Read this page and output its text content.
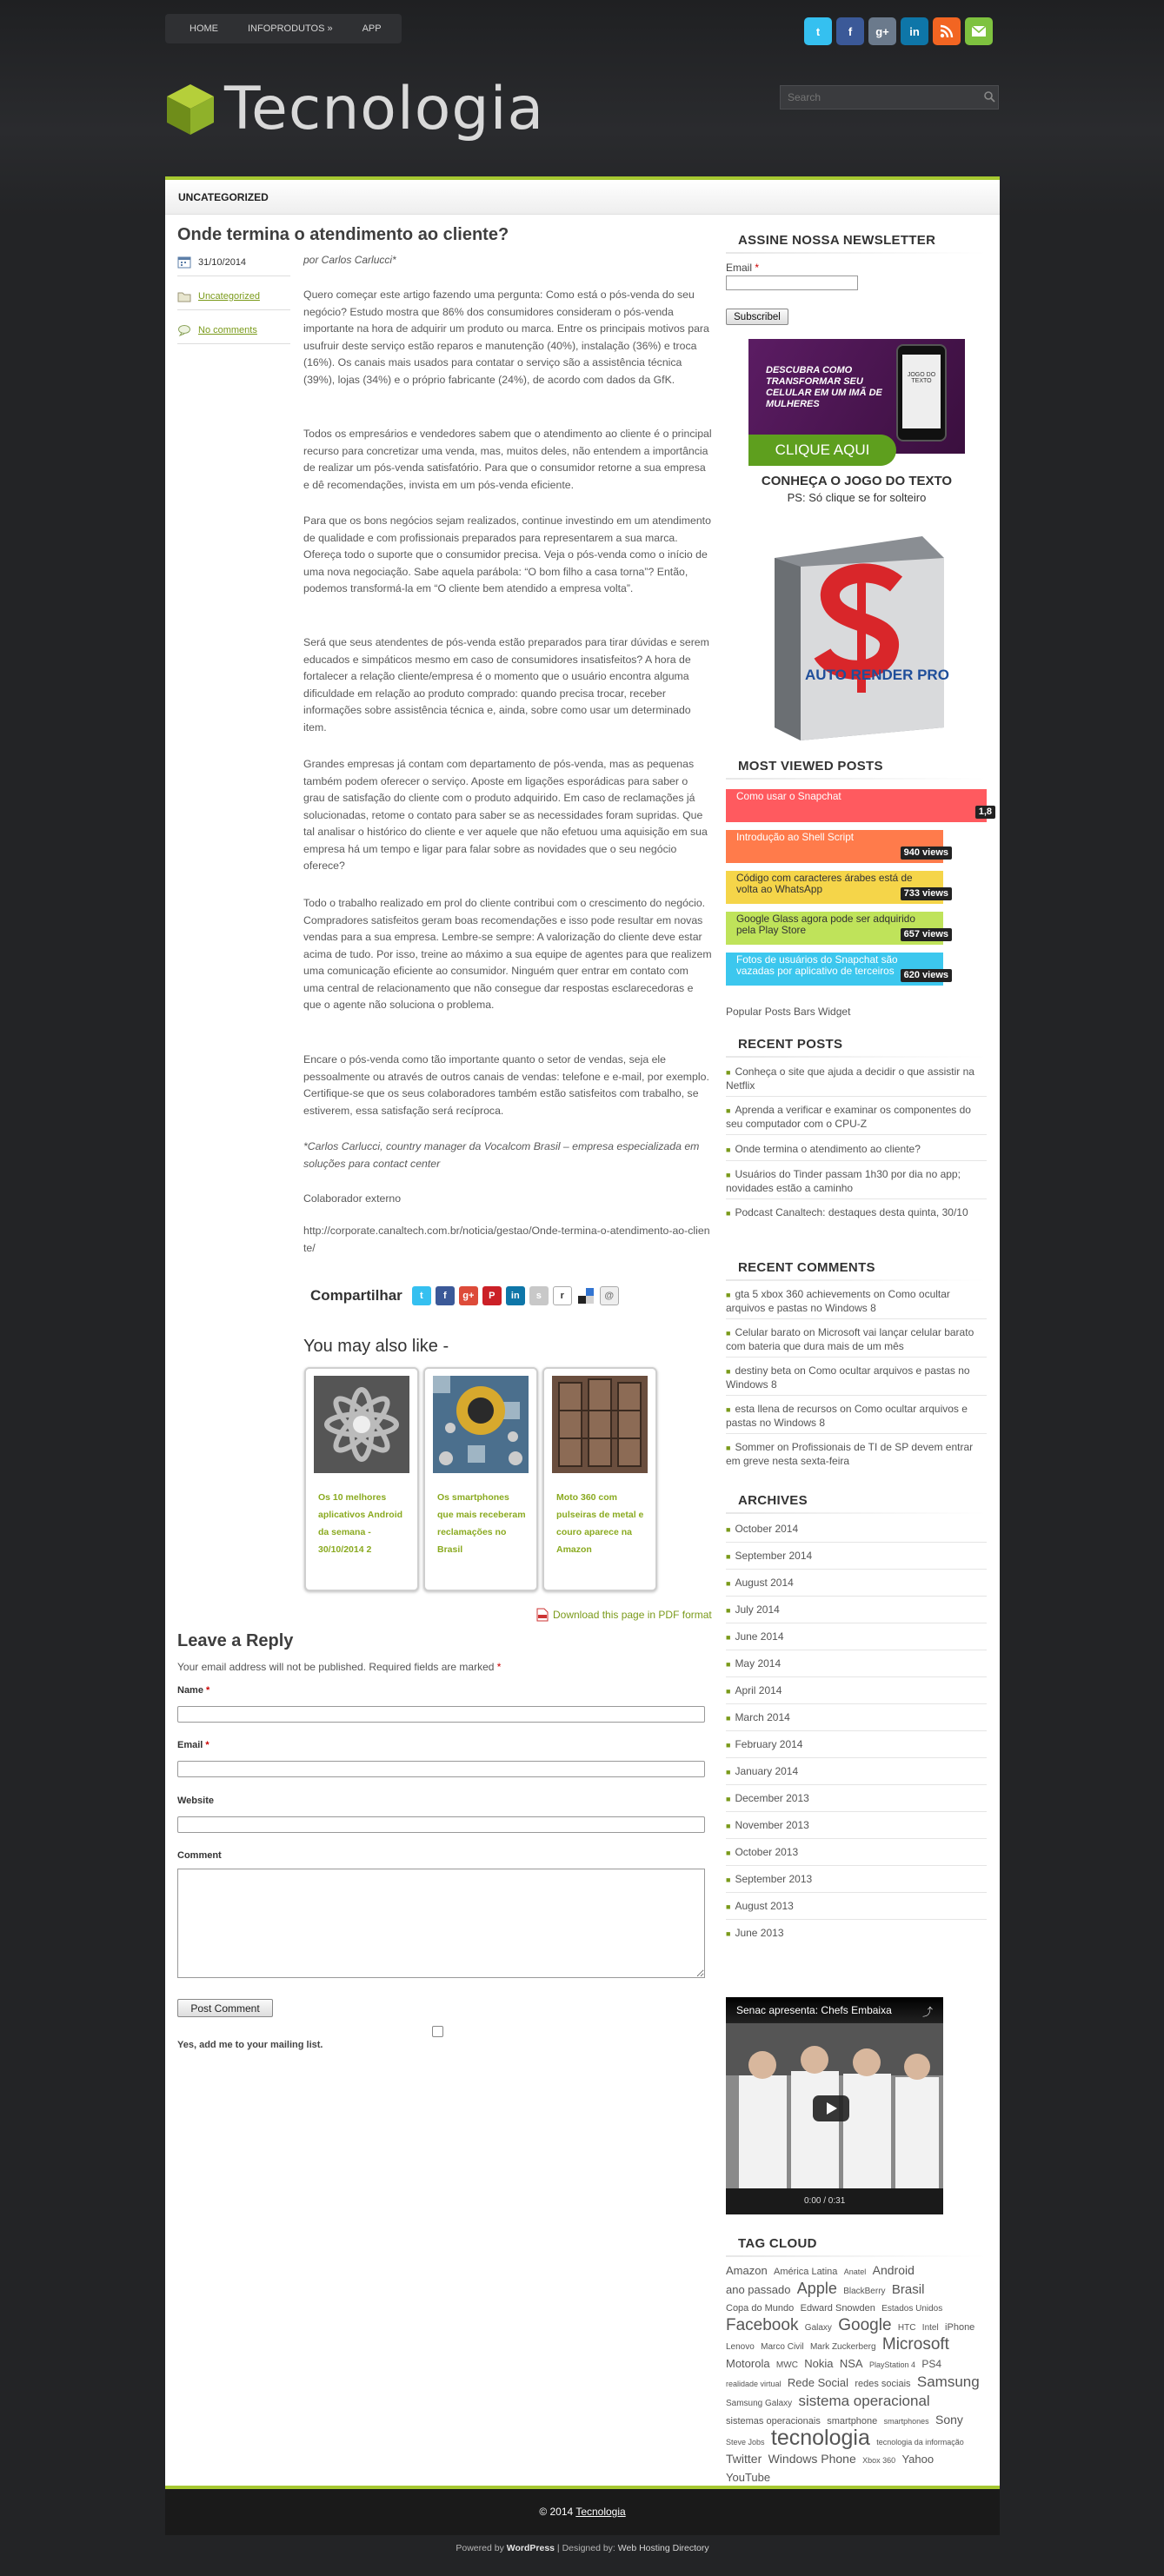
HOME	INFOPRODUTOS »	APP	t	f	g+	in
Tecnologia
Search
UNCATEGORIZED
Onde termina o atendimento ao cliente?
31/10/2014
Uncategorized
No comments
por Carlos Carlucci*

Quero começar este artigo fazendo uma pergunta: Como está o pós-venda do seu negócio? Estudo mostra que 86% dos consumidores consideram o pós-venda importante na hora de adquirir um produto ou marca. Entre os principais motivos para usufruir deste serviço estão reparos e manutenção (40%), instalação (36%) e troca (16%). Os canais mais usados para contatar o serviço são a assistência técnica (39%), lojas (34%) e o próprio fabricante (24%), de acordo com dados da GfK.

Todos os empresários e vendedores sabem que o atendimento ao cliente é o principal recurso para concretizar uma venda, mas, muitos deles, não entendem a importância de realizar um pós-venda satisfatório. Para que o consumidor retorne a sua empresa e dê recomendações, invista em um pós-venda eficiente.

Para que os bons negócios sejam realizados, continue investindo em um atendimento de qualidade e com profissionais preparados para representarem a sua marca. Ofereça todo o suporte que o consumidor precisa. Veja o pós-venda como o início de uma nova negociação. Sabe aquela parábola: “O bom filho a casa torna”? Então, podemos transformá-la em “O cliente bem atendido a empresa volta”.

Será que seus atendentes de pós-venda estão preparados para tirar dúvidas e serem educados e simpáticos mesmo em caso de consumidores insatisfeitos? A hora de fortalecer a relação cliente/empresa é o momento que o usuário encontra alguma dificuldade em relação ao produto comprado: quando precisa trocar, receber informações sobre assistência técnica e, ainda, sobre como usar um determinado item.

Grandes empresas já contam com departamento de pós-venda, mas as pequenas também podem oferecer o serviço. Aposte em ligações esporádicas para saber o grau de satisfação do cliente com o produto adquirido. Em caso de reclamações já solucionadas, retome o contato para saber se as necessidades foram supridas. Que tal analisar o histórico do cliente e ver aquele que não efetuou uma aquisição em sua empresa há um tempo e ligar para falar sobre as novidades que o seu negócio oferece?

Todo o trabalho realizado em prol do cliente contribui com o crescimento do negócio. Compradores satisfeitos geram boas recomendações e isso pode resultar em novas vendas para a sua empresa. Lembre-se sempre: A valorização do cliente deve estar acima de tudo. Por isso, treine ao máximo a sua equipe de agentes para que realizem uma comunicação eficiente ao consumidor. Ninguém quer entrar em contato com uma central de relacionamento que não consegue dar respostas esclarecedoras e que o agente não soluciona o problema.

Encare o pós-venda como tão importante quanto o setor de vendas, seja ele pessoalmente ou através de outros canais de vendas: telefone e e-mail, por exemplo. Certifique-se que os seus colaboradores também estão satisfeitos com trabalho, se estiverem, essa satisfação será recíproca.

*Carlos Carlucci, country manager da Vocalcom Brasil – empresa especializada em soluções para contact center

Colaborador externo

http://corporate.canaltech.com.br/noticia/gestao/Onde-termina-o-atendimento-ao-cliente/

Compartilhar	t	f	g+	P	in	s	r	@
You may also like -
Os 10 melhores aplicativos Android da semana - 30/10/2014 2
Os smartphones que mais receberam reclamações no Brasil
Moto 360 com pulseiras de metal e couro aparece na Amazon
Download this page in PDF format
Leave a Reply
Your email address will not be published. Required fields are marked *
Name *
Email *
Website
Comment
Post Comment
Yes, add me to your mailing list.
ASSINE NOSSA NEWSLETTER
Email *
Subscribel
DESCUBRA COMO TRANSFORMAR SEU CELULAR EM UM IMÃ DE MULHERES
JOGO DO TEXTO
CLIQUE AQUI
CONHEÇA O JOGO DO TEXTO
PS: Só clique se for solteiro
AUTO RENDER PRO
MOST VIEWED POSTS
Como usar o Snapchat
1,8
Introdução ao Shell Script
940 views
Código com caracteres árabes está de volta ao WhatsApp	733 views
Google Glass agora pode ser adquirido pela Play Store	657 views
Fotos de usuários do Snapchat são vazadas por aplicativo de terceiros 620 views
Popular Posts Bars Widget
RECENT POSTS
■ Conheça o site que ajuda a decidir o que assistir na Netflix
■ Aprenda a verificar e examinar os componentes do seu computador com o CPU-Z
■ Onde termina o atendimento ao cliente?
■ Usuários do Tinder passam 1h30 por dia no app; novidades estão a caminho
■ Podcast Canaltech: destaques desta quinta, 30/10
RECENT COMMENTS
■ gta 5 xbox 360 achievements on Como ocultar arquivos e pastas no Windows 8
■ Celular barato on Microsoft vai lançar celular barato com bateria que dura mais de um mês
■ destiny beta on Como ocultar arquivos e pastas no Windows 8
■ esta llena de recursos on Como ocultar arquivos e pastas no Windows 8
■ Sommer on Profissionais de TI de SP devem entrar em greve nesta sexta-feira
ARCHIVES
■ October 2014
■ September 2014
■ August 2014
■ July 2014
■ June 2014
■ May 2014
■ April 2014
■ March 2014
■ February 2014
■ January 2014
■ December 2013
■ November 2013
■ October 2013
■ September 2013
■ August 2013
■ June 2013
Senac apresenta: Chefs Embaixa	⤴
0:00 / 0:31
TAG CLOUD
Amazon América Latina Anatel Android ano passado Apple BlackBerry Brasil Copa do Mundo Edward Snowden Estados Unidos Facebook Galaxy Google HTC Intel iPhone Lenovo Marco Civil Mark Zuckerberg Microsoft Motorola MWC Nokia NSA PlayStation 4 PS4 realidade virtual Rede Social redes sociais Samsung Samsung Galaxy sistema operacional sistemas operacionais smartphone smartphones Sony Steve Jobs tecnologia tecnologia da informação Twitter Windows Phone Xbox 360 Yahoo YouTube
© 2014 Tecnologia
Powered by WordPress | Designed by: Web Hosting Directory
